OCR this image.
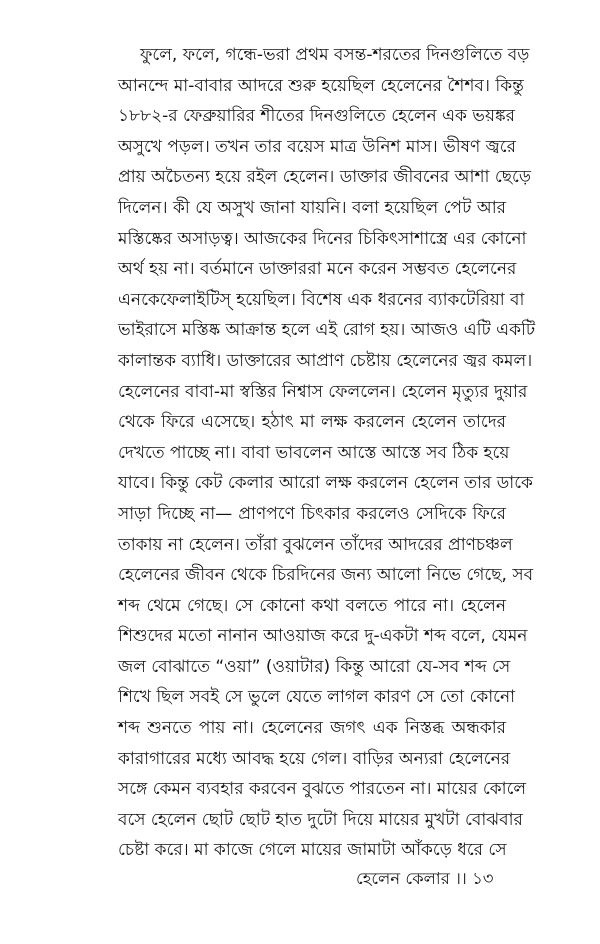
ফুলে, ফলে, গন্ধে-ভরা প্রথম বসন্ত-শরতের দিনগুলিতে বড়
আনন্দে মা-বাবার আদরে শুরু হয়েছিল হেলেনের শৈশব। কিন্তু
১৮৮২-র ফেব্রুয়ারির শীতের দিনগুলিতে হেলেন এক ভয়ঙ্কর
অসুখে পড়ল। তখন তার বয়েস মাত্র উনিশ মাস। ভীষণ জ্বরে
প্রায় অচৈতন্য হয়ে রইল হেলেন। ডাক্তার জীবনের আশা ছেড়ে
দিলেন। কী যে অসুখ জানা যায়নি। বলা হয়েছিল পেট আর
মস্তিষ্কের অসাড়ত্ব। আজকের দিনের চিকিৎসাশাস্ত্রে এর কোনো
অর্থ হয় না। বর্তমানে ডাক্তাররা মনে করেন সম্ভবত হেলেনের
এনকেফেলাইটিস্ হয়েছিল। বিশেষ এক ধরনের ব্যাকটেরিয়া বা
ভাইরাসে মস্তিষ্ক আক্রান্ত হলে এই রোগ হয়। আজও এটি একটি
কালান্তক ব্যাধি। ডাক্তারের আপ্রাণ চেষ্টায় হেলেনের জ্বর কমল।
হেলেনের বাবা-মা স্বস্তির নিশ্বাস ফেললেন। হেলেন মৃত্যুর দুয়ার
থেকে ফিরে এসেছে। হঠাৎ মা লক্ষ করলেন হেলেন তাদের
দেখতে পাচ্ছে না। বাবা ভাবলেন আস্তে আস্তে সব ঠিক হয়ে
যাবে। কিন্তু কেট কেলার আরো লক্ষ করলেন হেলেন তার ডাকে
সাড়া দিচ্ছে না— প্রাণপণে চিৎকার করলেও সেদিকে ফিরে
তাকায় না হেলেন। তাঁরা বুঝলেন তাঁদের আদরের প্রাণচঞ্চল
হেলেনের জীবন থেকে চিরদিনের জন্য আলো নিভে গেছে, সব
শব্দ থেমে গেছে। সে কোনো কথা বলতে পারে না। হেলেন
শিশুদের মতো নানান আওয়াজ করে দু-একটা শব্দ বলে, যেমন
জল বোঝাতে “ওয়া” (ওয়াটার) কিন্তু আরো যে-সব শব্দ সে
শিখে ছিল সবই সে ভুলে যেতে লাগল কারণ সে তো কোনো
শব্দ শুনতে পায় না। হেলেনের জগৎ এক নিস্তব্ধ অন্ধকার
কারাগারের মধ্যে আবদ্ধ হয়ে গেল। বাড়ির অন্যরা হেলেনের
সঙ্গে কেমন ব্যবহার করবেন বুঝতে পারতেন না। মায়ের কোলে
বসে হেলেন ছোট ছোট হাত দুটো দিয়ে মায়ের মুখটা বোঝবার
চেষ্টা করে। মা কাজে গেলে মায়ের জামাটা আঁকড়ে ধরে সে
হেলেন কেলার ।। ১৩
